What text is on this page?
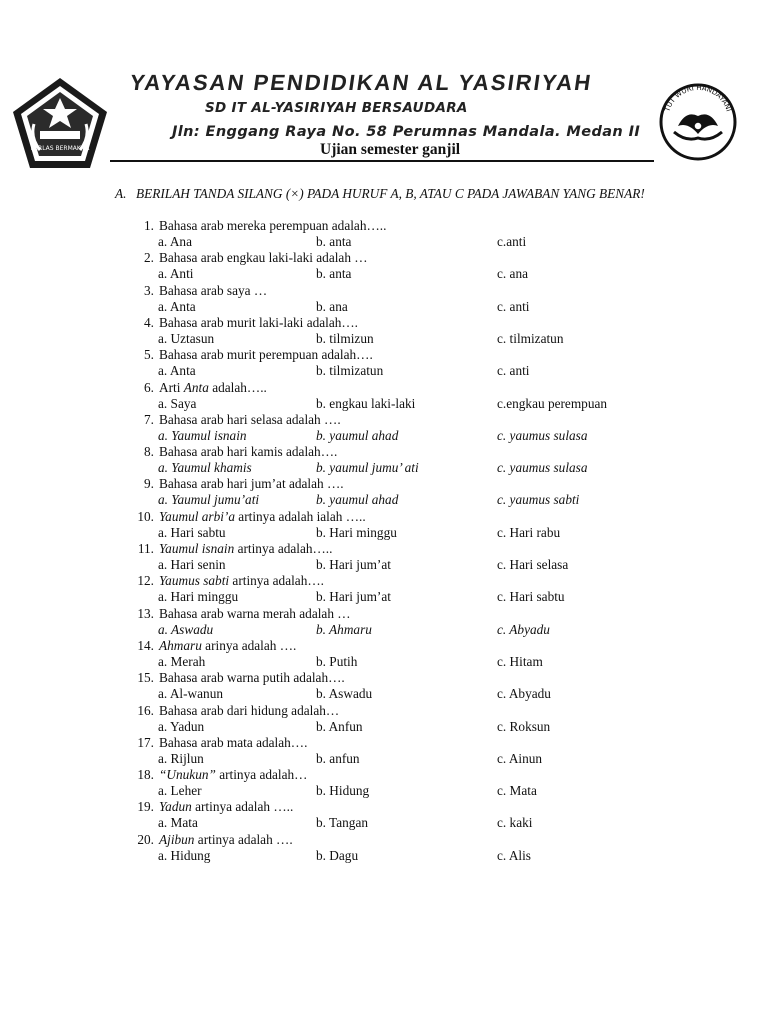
PERLAS BERMAKNA
YAYASAN PENDIDIKAN AL YASIRIYAH
SD IT AL-YASIRIYAH BERSAUDARA
Jln: Enggang Raya No. 58 Perumnas Mandala. Medan II
Ujian semester ganjil
TUT WURI HANDAYANI
A. BERILAH TANDA SILANG (×) PADA HURUF A, B, ATAU C PADA JAWABAN YANG BENAR!
1. Bahasa arab mereka perempuan adalah…..
a. Ana	b. anta	c.anti
2. Bahasa arab engkau laki-laki adalah …
a. Anti	b. anta	c. ana
3. Bahasa arab saya …
a. Anta	b. ana	c. anti
4. Bahasa arab murit laki-laki adalah….
a. Uztasun	b. tilmizun	c. tilmizatun
5. Bahasa arab murit perempuan adalah….
a. Anta	b. tilmizatun	c. anti
6. Arti Anta adalah…..
a. Saya	b. engkau laki-laki	c.engkau perempuan
7. Bahasa arab hari selasa adalah ….
a. Yaumul isnain	b. yaumul ahad	c. yaumus sulasa
8. Bahasa arab hari kamis adalah….
a. Yaumul khamis	b. yaumul jumu’ ati	c. yaumus sulasa
9. Bahasa arab hari jum’at adalah ….
a. Yaumul jumu’ati	b. yaumul ahad	c. yaumus sabti
10. Yaumul arbi’a artinya adalah ialah …..
a. Hari sabtu	b. Hari minggu	c. Hari rabu
11. Yaumul isnain artinya adalah…..
a. Hari senin	b. Hari jum’at	c. Hari selasa
12. Yaumus sabti artinya adalah….
a. Hari minggu	b. Hari jum’at	c. Hari sabtu
13. Bahasa arab warna merah adalah …
a. Aswadu	b. Ahmaru	c. Abyadu
14. Ahmaru arinya adalah ….
a. Merah	b. Putih	c. Hitam
15. Bahasa arab warna putih adalah….
a. Al-wanun	b. Aswadu	c. Abyadu
16. Bahasa arab dari hidung adalah…
a. Yadun	b. Anfun	c. Roksun
17. Bahasa arab mata adalah….
a. Rijlun	b. anfun	c. Ainun
18. “Unukun” artinya adalah…
a. Leher	b. Hidung	c. Mata
19. Yadun artinya adalah …..
a. Mata	b. Tangan	c. kaki
20. Ajibun artinya adalah ….
a. Hidung	b. Dagu	c. Alis
